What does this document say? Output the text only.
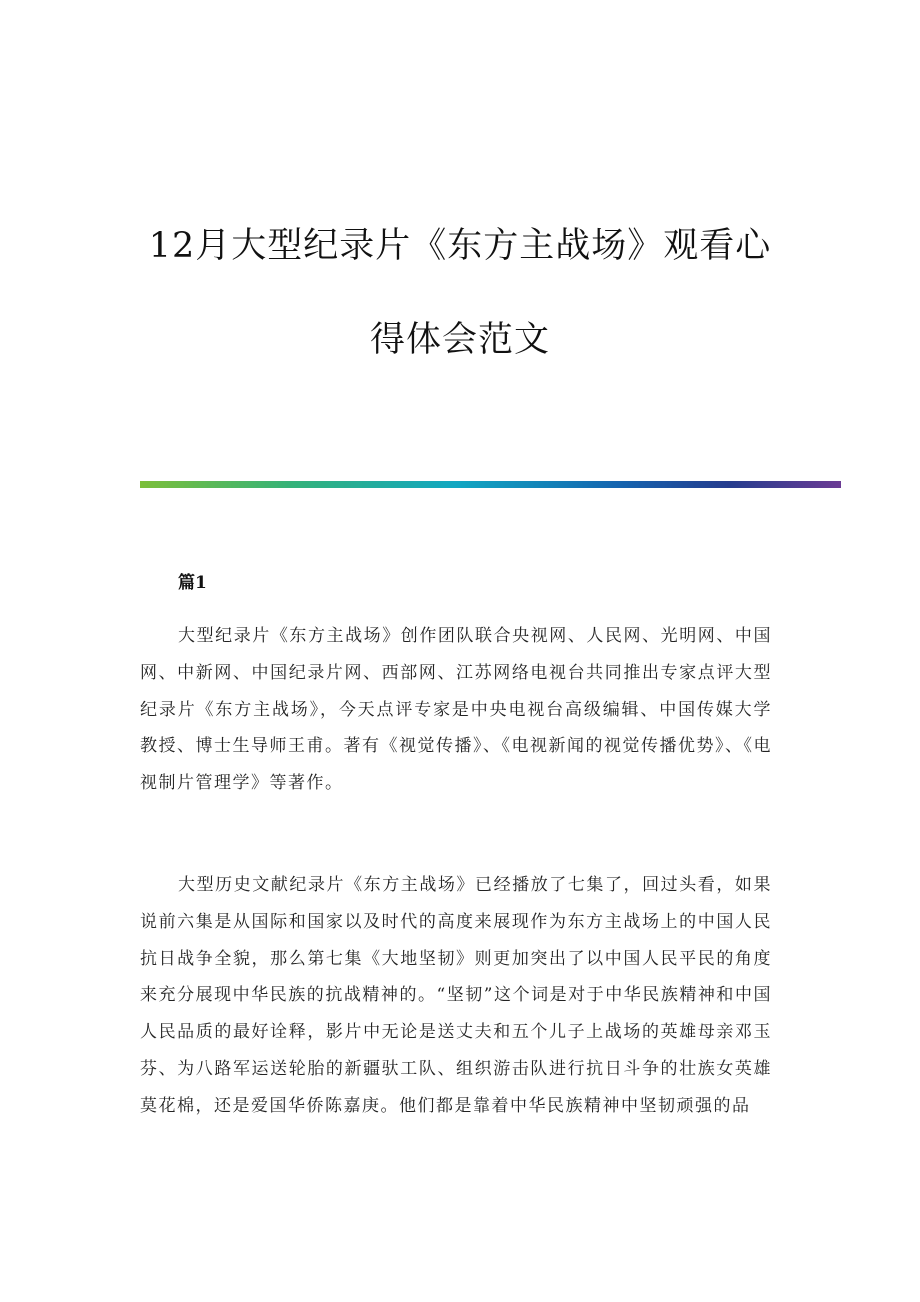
12月大型纪录片《东方主战场》观看心
得体会范文
篇1

大型纪录片《东方主战场》创作团队联合央视网、人民网、光明网、中国网、中新网、中国纪录片网、西部网、江苏网络电视台共同推出专家点评大型纪录片《东方主战场》，今天点评专家是中央电视台高级编辑、中国传媒大学教授、博士生导师王甫。著有《视觉传播》、《电视新闻的视觉传播优势》、《电视制片管理学》等著作。

大型历史文献纪录片《东方主战场》已经播放了七集了，回过头看，如果说前六集是从国际和国家以及时代的高度来展现作为东方主战场上的中国人民抗日战争全貌，那么第七集《大地坚韧》则更加突出了以中国人民平民的角度来充分展现中华民族的抗战精神的。“坚韧”这个词是对于中华民族精神和中国人民品质的最好诠释，影片中无论是送丈夫和五个儿子上战场的英雄母亲邓玉芬、为八路军运送轮胎的新疆驮工队、组织游击队进行抗日斗争的壮族女英雄莫花棉，还是爱国华侨陈嘉庚。他们都是靠着中华民族精神中坚韧顽强的品
